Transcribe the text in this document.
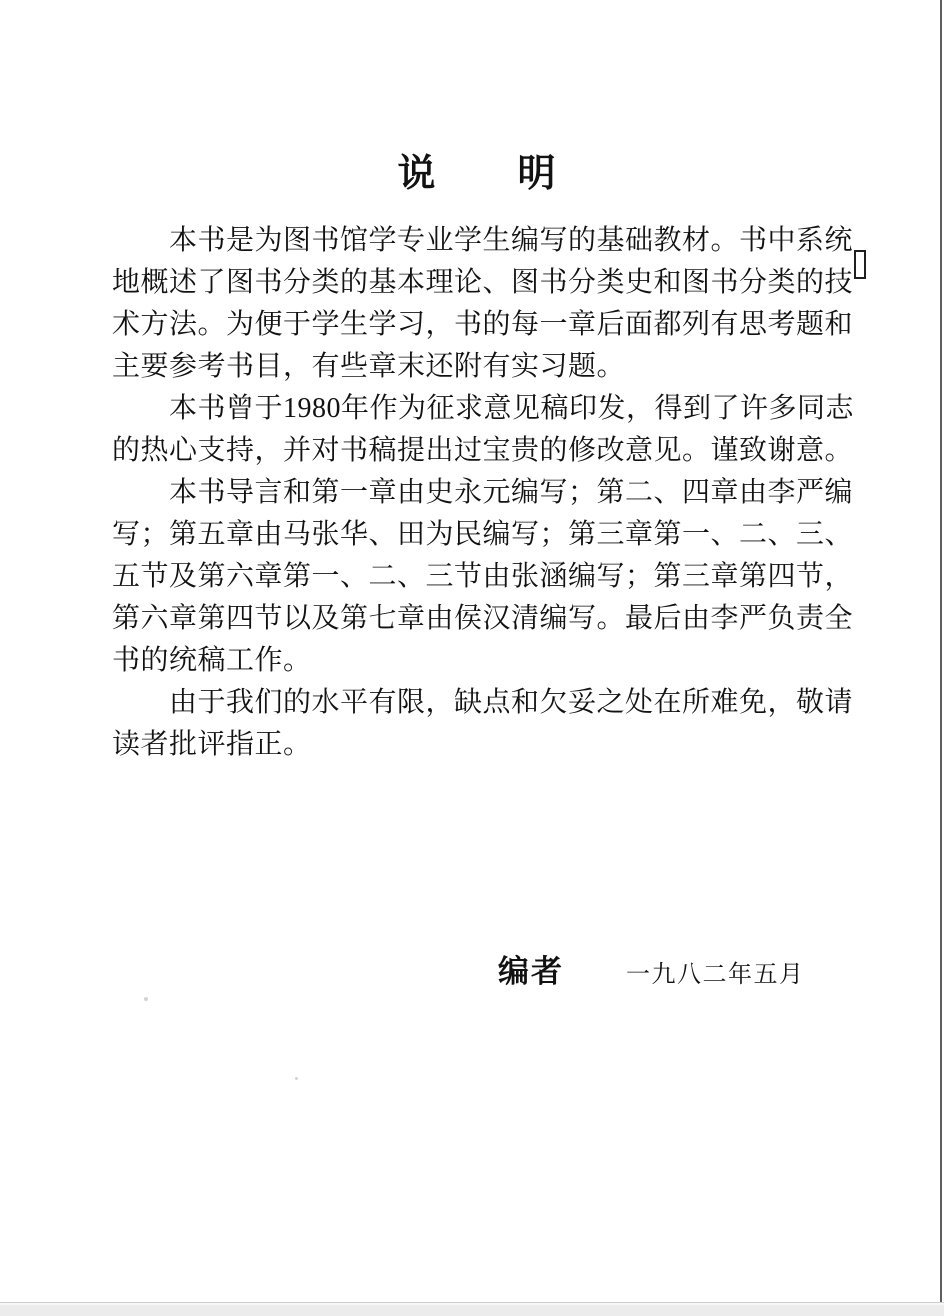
说　　明
本书是为图书馆学专业学生编写的基础教材。书中系统
地概述了图书分类的基本理论、图书分类史和图书分类的技
术方法。为便于学生学习，书的每一章后面都列有思考题和
主要参考书目，有些章末还附有实习题。
本书曾于1980年作为征求意见稿印发，得到了许多同志
的热心支持，并对书稿提出过宝贵的修改意见。谨致谢意。
本书导言和第一章由史永元编写；第二、四章由李严编
写；第五章由马张华、田为民编写；第三章第一、二、三、
五节及第六章第一、二、三节由张涵编写；第三章第四节，
第六章第四节以及第七章由侯汉清编写。最后由李严负责全
书的统稿工作。
由于我们的水平有限，缺点和欠妥之处在所难免，敬请
读者批评指正。
编者	一九八二年五月
